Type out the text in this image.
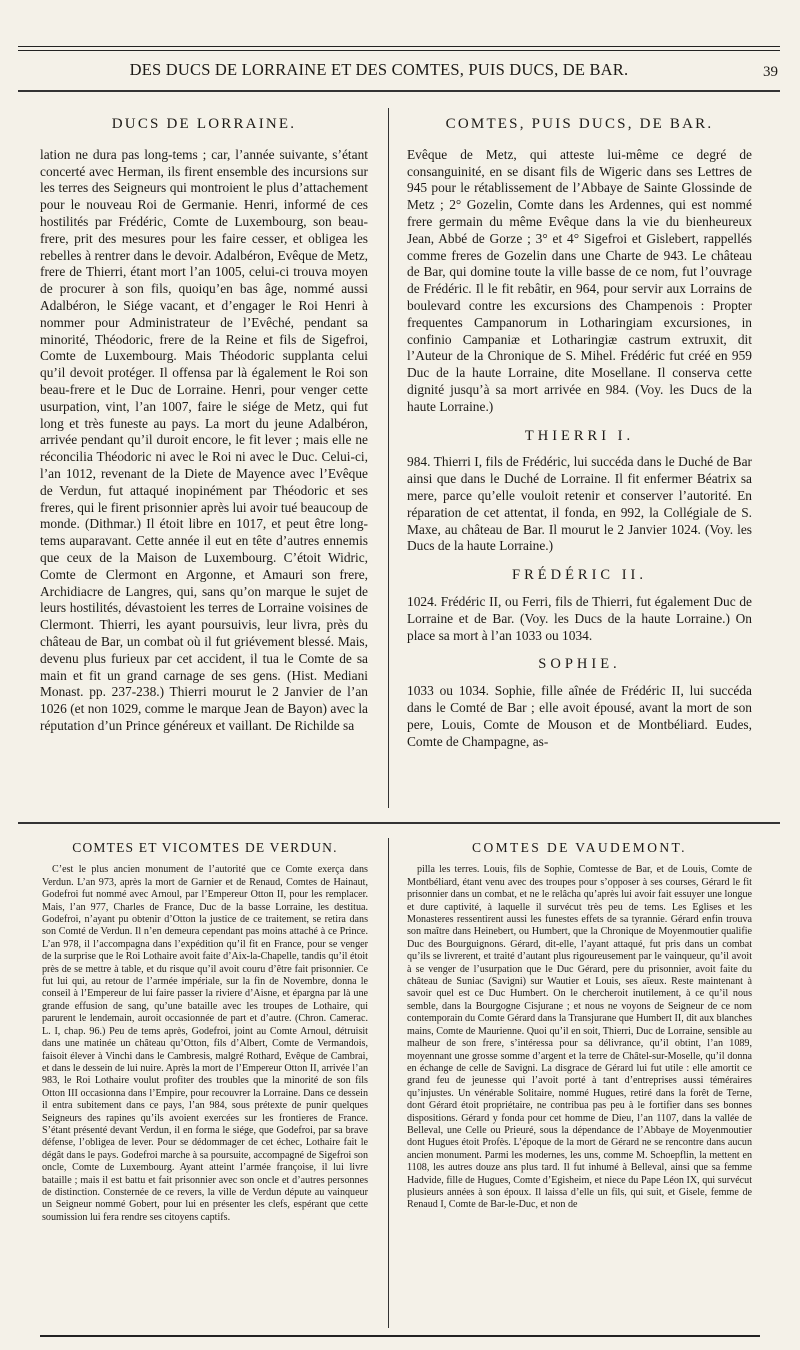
DES DUCS DE LORRAINE ET DES COMTES, PUIS DUCS, DE BAR.	39
DUCS DE LORRAINE.

lation ne dura pas long-tems ; car, l’année suivante, s’étant concerté avec Herman, ils firent ensemble des incursions sur les terres des Seigneurs qui montroient le plus d’attachement pour le nouveau Roi de Germanie. Henri, informé de ces hostilités par Frédéric, Comte de Luxembourg, son beau-frere, prit des mesures pour les faire cesser, et obligea les rebelles à rentrer dans le devoir. Adalbéron, Evêque de Metz, frere de Thierri, étant mort l’an 1005, celui-ci trouva moyen de procurer à son fils, quoiqu’en bas âge, nommé aussi Adalbéron, le Siége vacant, et d’engager le Roi Henri à nommer pour Administrateur de l’Evêché, pendant sa minorité, Théodoric, frere de la Reine et fils de Sigefroi, Comte de Luxembourg. Mais Théodoric supplanta celui qu’il devoit protéger. Il offensa par là également le Roi son beau-frere et le Duc de Lorraine. Henri, pour venger cette usurpation, vint, l’an 1007, faire le siége de Metz, qui fut long et très funeste au pays. La mort du jeune Adalbéron, arrivée pendant qu’il duroit encore, le fit lever ; mais elle ne réconcilia Théodoric ni avec le Roi ni avec le Duc. Celui-ci, l’an 1012, revenant de la Diete de Mayence avec l’Evêque de Verdun, fut attaqué inopinément par Théodoric et ses freres, qui le firent prisonnier après lui avoir tué beaucoup de monde. (Dithmar.) Il étoit libre en 1017, et peut être long-tems auparavant. Cette année il eut en tête d’autres ennemis que ceux de la Maison de Luxembourg. C’étoit Widric, Comte de Clermont en Argonne, et Amauri son frere, Archidiacre de Langres, qui, sans qu’on marque le sujet de leurs hostilités, dévastoient les terres de Lorraine voisines de Clermont. Thierri, les ayant poursuivis, leur livra, près du château de Bar, un combat où il fut griévement blessé. Mais, devenu plus furieux par cet accident, il tua le Comte de sa main et fit un grand carnage de ses gens. (Hist. Mediani Monast. pp. 237-238.) Thierri mourut le 2 Janvier de l’an 1026 (et non 1029, comme le marque Jean de Bayon) avec la réputation d’un Prince généreux et vaillant. De Richilde sa

COMTES, PUIS DUCS, DE BAR.

Evêque de Metz, qui atteste lui-même ce degré de consanguinité, en se disant fils de Wigeric dans ses Lettres de 945 pour le rétablissement de l’Abbaye de Sainte Glossinde de Metz ; 2° Gozelin, Comte dans les Ardennes, qui est nommé frere germain du même Evêque dans la vie du bienheureux Jean, Abbé de Gorze ; 3° et 4° Sigefroi et Gislebert, rappellés comme freres de Gozelin dans une Charte de 943. Le château de Bar, qui domine toute la ville basse de ce nom, fut l’ouvrage de Frédéric. Il le fit rebâtir, en 964, pour servir aux Lorrains de boulevard contre les excursions des Champenois : Propter frequentes Campanorum in Lotharingiam excursiones, in confinio Campaniæ et Lotharingiæ castrum extruxit, dit l’Auteur de la Chronique de S. Mihel. Frédéric fut créé en 959 Duc de la haute Lorraine, dite Mosellane. Il conserva cette dignité jusqu’à sa mort arrivée en 984. (Voy. les Ducs de la haute Lorraine.)

THIERRI I.

984. Thierri I, fils de Frédéric, lui succéda dans le Duché de Bar ainsi que dans le Duché de Lorraine. Il fit enfermer Béatrix sa mere, parce qu’elle vouloit retenir et conserver l’autorité. En réparation de cet attentat, il fonda, en 992, la Collégiale de S. Maxe, au château de Bar. Il mourut le 2 Janvier 1024. (Voy. les Ducs de la haute Lorraine.)

FRÉDÉRIC II.

1024. Frédéric II, ou Ferri, fils de Thierri, fut également Duc de Lorraine et de Bar. (Voy. les Ducs de la haute Lorraine.) On place sa mort à l’an 1033 ou 1034.

SOPHIE.

1033 ou 1034. Sophie, fille aînée de Frédéric II, lui succéda dans le Comté de Bar ; elle avoit épousé, avant la mort de son pere, Louis, Comte de Mouson et de Montbéliard. Eudes, Comte de Champagne, as-

COMTES ET VICOMTES DE VERDUN.

C’est le plus ancien monument de l’autorité que ce Comte exerça dans Verdun. L’an 973, après la mort de Garnier et de Renaud, Comtes de Hainaut, Godefroi fut nommé avec Arnoul, par l’Empereur Otton II, pour les remplacer. Mais, l’an 977, Charles de France, Duc de la basse Lorraine, les destitua. Godefroi, n’ayant pu obtenir d’Otton la justice de ce traitement, se retira dans son Comté de Verdun. Il n’en demeura cependant pas moins attaché à ce Prince. L’an 978, il l’accompagna dans l’expédition qu’il fit en France, pour se venger de la surprise que le Roi Lothaire avoit faite d’Aix-la-Chapelle, tandis qu’il étoit près de se mettre à table, et du risque qu’il avoit couru d’être fait prisonnier. Ce fut lui qui, au retour de l’armée impériale, sur la fin de Novembre, donna le conseil à l’Empereur de lui faire passer la riviere d’Aisne, et épargna par là une grande effusion de sang, qu’une bataille avec les troupes de Lothaire, qui parurent le lendemain, auroit occasionnée de part et d’autre. (Chron. Camerac. L. I, chap. 96.) Peu de tems après, Godefroi, joint au Comte Arnoul, détruisit dans une matinée un château qu’Otton, fils d’Albert, Comte de Vermandois, faisoit élever à Vinchi dans le Cambresis, malgré Rothard, Evêque de Cambrai, et dans le dessein de lui nuire. Après la mort de l’Empereur Otton II, arrivée l’an 983, le Roi Lothaire voulut profiter des troubles que la minorité de son fils Otton III occasionna dans l’Empire, pour recouvrer la Lorraine. Dans ce dessein il entra subitement dans ce pays, l’an 984, sous prétexte de punir quelques Seigneurs des rapines qu’ils avoient exercées sur les frontieres de France. S’étant présenté devant Verdun, il en forma le siége, que Godefroi, par sa brave défense, l’obligea de lever. Pour se dédommager de cet échec, Lothaire fait le dégât dans le pays. Godefroi marche à sa poursuite, accompagné de Sigefroi son oncle, Comte de Luxembourg. Ayant atteint l’armée françoise, il lui livre bataille ; mais il est battu et fait prisonnier avec son oncle et d’autres personnes de distinction. Consternée de ce revers, la ville de Verdun députe au vainqueur un Seigneur nommé Gobert, pour lui en présenter les clefs, espérant que cette soumission lui fera rendre ses citoyens captifs.

COMTES DE VAUDEMONT.

pilla les terres. Louis, fils de Sophie, Comtesse de Bar, et de Louis, Comte de Montbéliard, étant venu avec des troupes pour s’opposer à ses courses, Gérard le fit prisonnier dans un combat, et ne le relâcha qu’après lui avoir fait essuyer une longue et dure captivité, à laquelle il survécut très peu de tems. Les Eglises et les Monasteres ressentirent aussi les funestes effets de sa tyrannie. Gérard enfin trouva son maître dans Heinebert, ou Humbert, que la Chronique de Moyenmoutier qualifie Duc des Bourguignons. Gérard, dit-elle, l’ayant attaqué, fut pris dans un combat qu’ils se livrerent, et traité d’autant plus rigoureusement par le vainqueur, qu’il avoit à se venger de l’usurpation que le Duc Gérard, pere du prisonnier, avoit faite du château de Suniac (Savigni) sur Wautier et Louis, ses aïeux. Reste maintenant à savoir quel est ce Duc Humbert. On le chercheroit inutilement, à ce qu’il nous semble, dans la Bourgogne Cisjurane ; et nous ne voyons de Seigneur de ce nom contemporain du Comte Gérard dans la Transjurane que Humbert II, dit aux blanches mains, Comte de Maurienne. Quoi qu’il en soit, Thierri, Duc de Lorraine, sensible au malheur de son frere, s’intéressa pour sa délivrance, qu’il obtint, l’an 1089, moyennant une grosse somme d’argent et la terre de Châtel-sur-Moselle, qu’il donna en échange de celle de Savigni. La disgrace de Gérard lui fut utile : elle amortit ce grand feu de jeunesse qui l’avoit porté à tant d’entreprises aussi téméraires qu’injustes. Un vénérable Solitaire, nommé Hugues, retiré dans la forêt de Terne, dont Gérard étoit propriétaire, ne contribua pas peu à le fortifier dans ses bonnes dispositions. Gérard y fonda pour cet homme de Dieu, l’an 1107, dans la vallée de Belleval, une Celle ou Prieuré, sous la dépendance de l’Abbaye de Moyenmoutier dont Hugues étoit Profès. L’époque de la mort de Gérard ne se rencontre dans aucun ancien monument. Parmi les modernes, les uns, comme M. Schoepflin, la mettent en 1108, les autres douze ans plus tard. Il fut inhumé à Belleval, ainsi que sa femme Hadvide, fille de Hugues, Comte d’Egisheim, et niece du Pape Léon IX, qui survécut plusieurs années à son époux. Il laissa d’elle un fils, qui suit, et Gisele, femme de Renaud I, Comte de Bar-le-Duc, et non de
